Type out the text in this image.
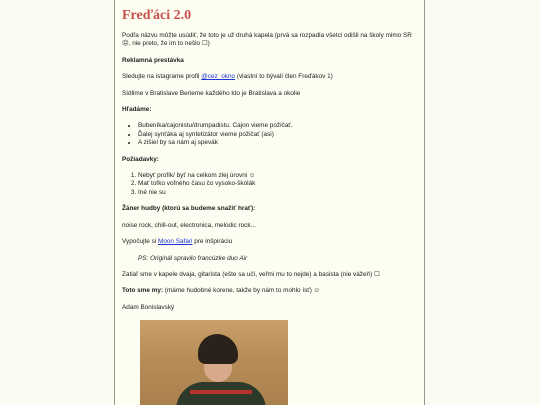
Freďáci 2.0

Podľa názvu môžte usúdiť, že toto je už druhá kapela (prvá sa rozpadla všetci odišli na školy mimo SR ☹, nie preto, že im to nešlo ☐)

Reklamná prestávka

Sledujte na istagrame profil @cez_okno (vlastní to bývalí člen Freďákov 1)

Sídlime v Bratislave Berieme každého kto je Bratislava a okolie

Hľadáme:

• Bubeníka/cajonistu/drumpadistu. Cajon vieme požičať.
• Ďalej synťáka aj syntetizátor vieme požičať (asi)
• A zišiel by sa nám aj spevák

Požiadavky:

1. Nebyť profík/ byť na celkom zlej úrovni ☺
2. Mať toľko voľného času čo vysoko-školák
3. Iné nie su

Žáner hudby (ktorú sa budeme snažiť hrať):

noise rock, chill-out, electronica, melodic rock…

Vypočujte si Moon Safari pre inšpiráciu

PS: Originál spravilo francúzke duo Air

Zatiaľ sme v kapele dvaja, gitarista (ešte sa učí, veľmi mu to nejde) a basista (nie vážeň) ☐

Toto sme my: (máme hudobné korene, takže by nám to mohlo ísť) ☺

Adam Bonislavský
